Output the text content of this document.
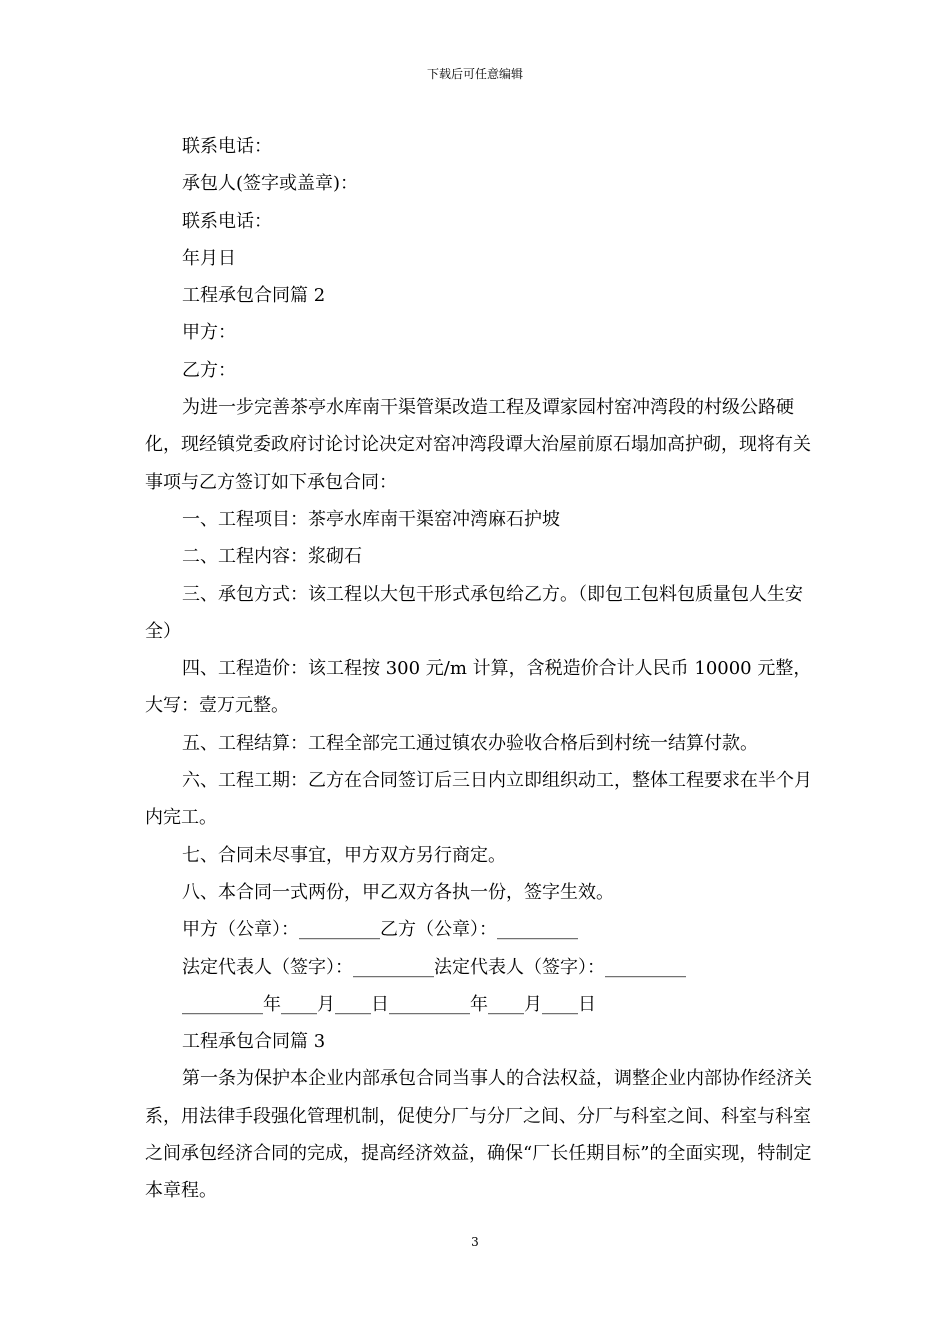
下载后可任意编辑

联系电话：

承包人(签字或盖章)：

联系电话：

年月日

工程承包合同篇 2

甲方：

乙方：

为进一步完善茶亭水库南干渠管渠改造工程及谭家园村窑冲湾段的村级公路硬化，现经镇党委政府讨论讨论决定对窑冲湾段谭大治屋前原石塌加高护砌，现将有关事项与乙方签订如下承包合同：

一、工程项目：茶亭水库南干渠窑冲湾麻石护坡

二、工程内容：浆砌石

三、承包方式：该工程以大包干形式承包给乙方。（即包工包料包质量包人生安全）

四、工程造价：该工程按 300 元/m 计算，含税造价合计人民币 10000 元整，大写：壹万元整。

五、工程结算：工程全部完工通过镇农办验收合格后到村统一结算付款。

六、工程工期：乙方在合同签订后三日内立即组织动工，整体工程要求在半个月内完工。

七、合同未尽事宜，甲方双方另行商定。

八、本合同一式两份，甲乙双方各执一份，签字生效。

甲方（公章）：_________乙方（公章）：_________

法定代表人（签字）：_________法定代表人（签字）：_________

_________年____月____日_________年____月____日

工程承包合同篇 3

第一条为保护本企业内部承包合同当事人的合法权益，调整企业内部协作经济关系，用法律手段强化管理机制，促使分厂与分厂之间、分厂与科室之间、科室与科室之间承包经济合同的完成，提高经济效益，确保“厂长任期目标”的全面实现，特制定本章程。

3
